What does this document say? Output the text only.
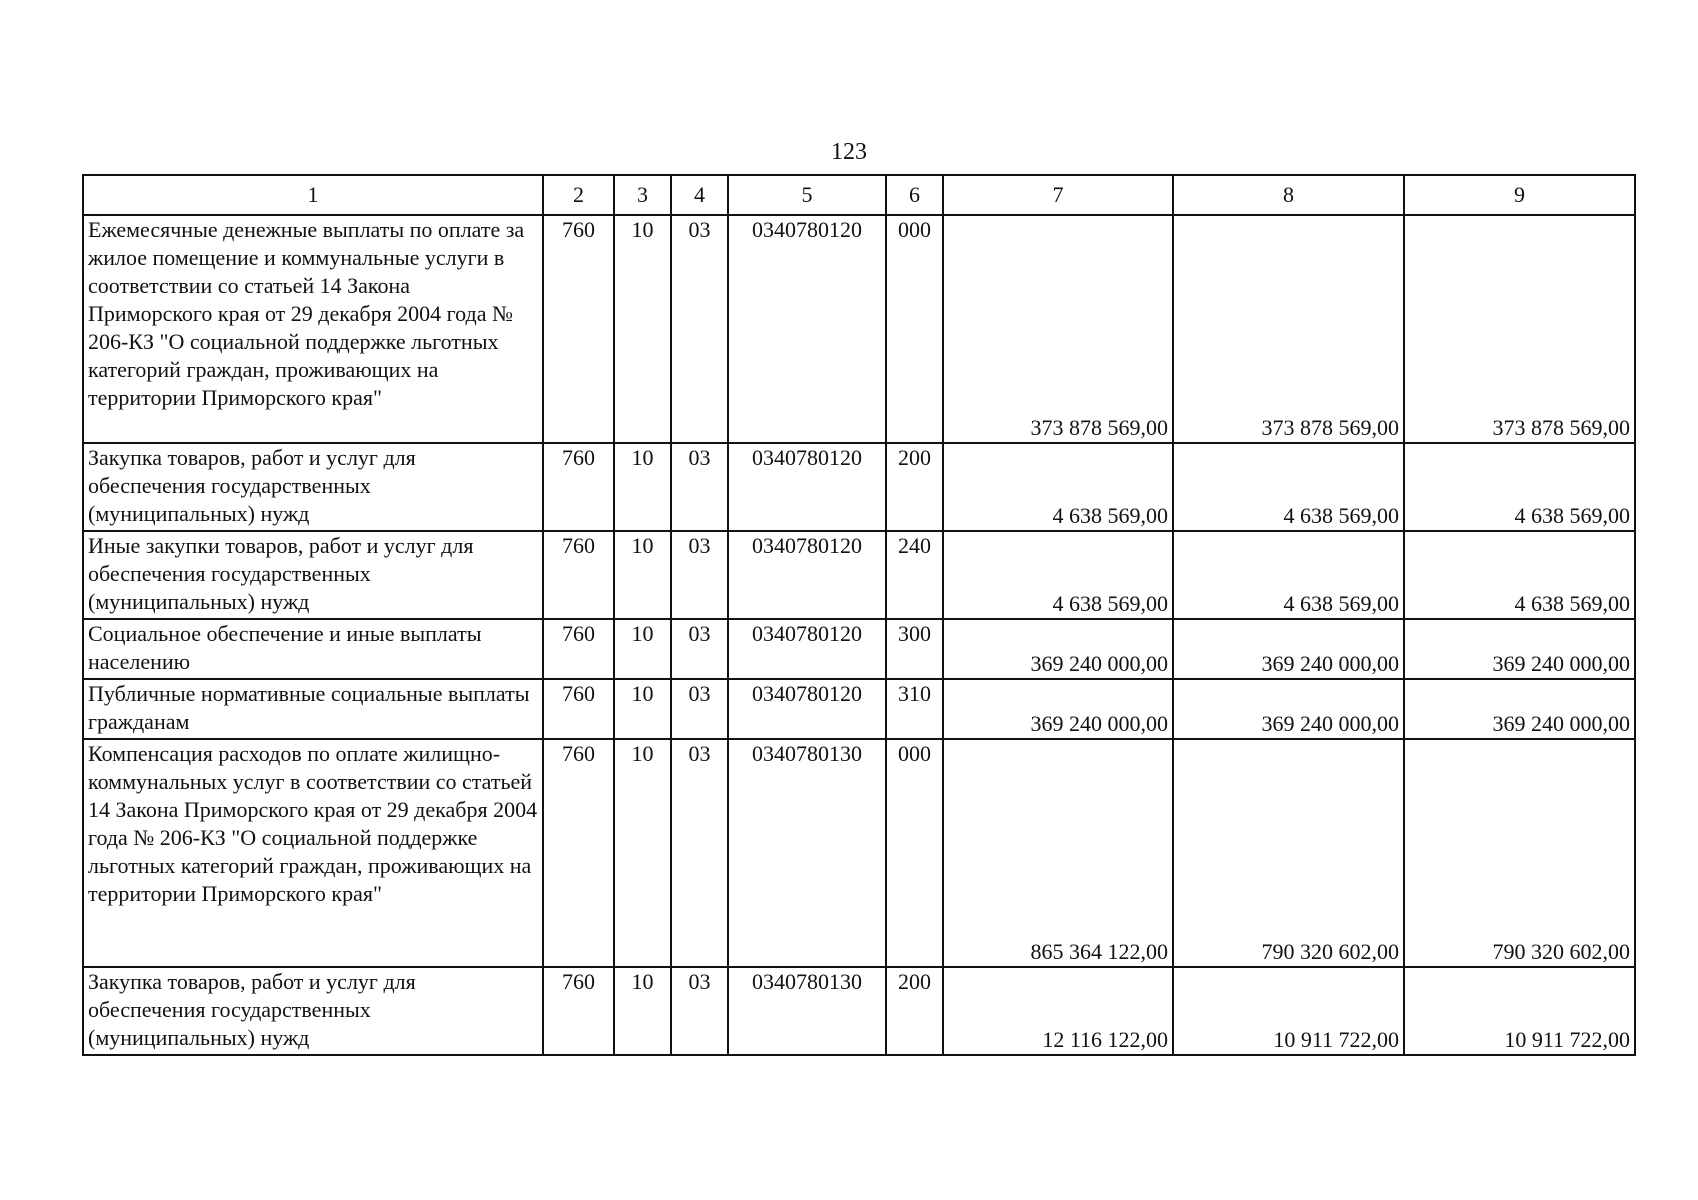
123
1	2	3	4	5	6	7	8	9
Ежемесячные денежные выплаты по оплате за жилое помещение и коммунальные услуги в соответствии со статьей 14 Закона Приморского края от 29 декабря 2004 года № 206-КЗ "О социальной поддержке льготных категорий граждан, проживающих на территории Приморского края"	760	10	03	0340780120	000	373 878 569,00	373 878 569,00	373 878 569,00
Закупка товаров, работ и услуг для обеспечения государственных (муниципальных) нужд	760	10	03	0340780120	200	4 638 569,00	4 638 569,00	4 638 569,00
Иные закупки товаров, работ и услуг для обеспечения государственных (муниципальных) нужд	760	10	03	0340780120	240	4 638 569,00	4 638 569,00	4 638 569,00
Социальное обеспечение и иные выплаты населению	760	10	03	0340780120	300	369 240 000,00	369 240 000,00	369 240 000,00
Публичные нормативные социальные выплаты гражданам	760	10	03	0340780120	310	369 240 000,00	369 240 000,00	369 240 000,00
Компенсация расходов по оплате жилищно-коммунальных услуг в соответствии со статьей 14 Закона Приморского края от 29 декабря 2004 года № 206-КЗ "О социальной поддержке льготных категорий граждан, проживающих на территории Приморского края"	760	10	03	0340780130	000	865 364 122,00	790 320 602,00	790 320 602,00
Закупка товаров, работ и услуг для обеспечения государственных (муниципальных) нужд	760	10	03	0340780130	200	12 116 122,00	10 911 722,00	10 911 722,00
